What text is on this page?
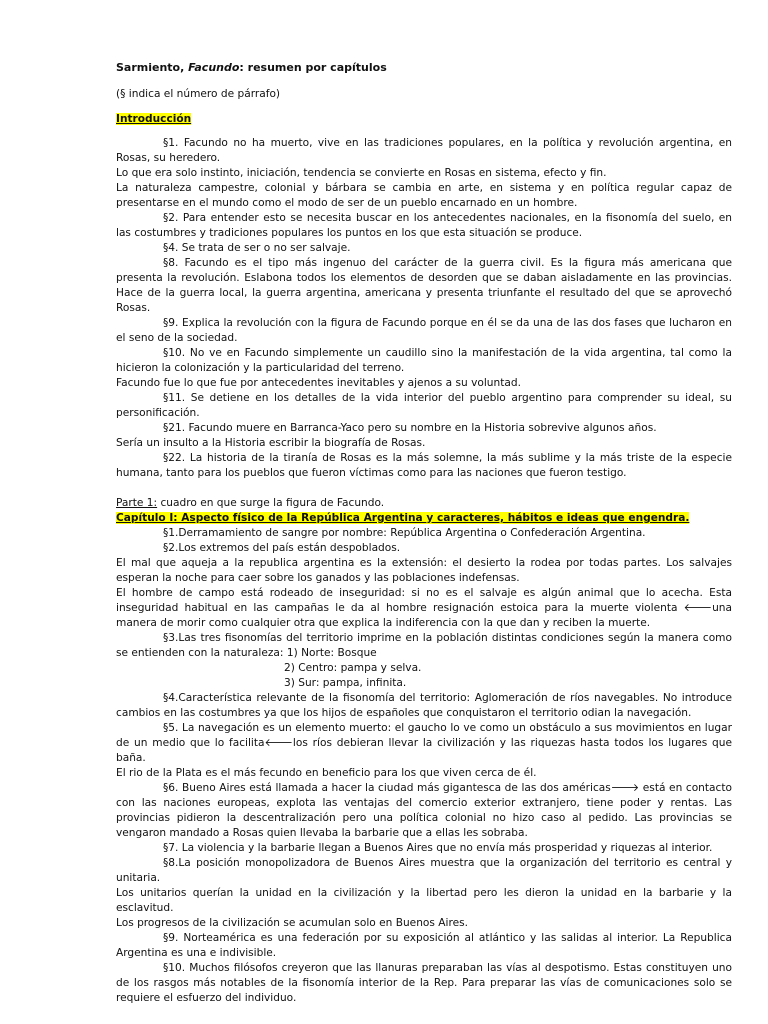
Sarmiento, Facundo: resumen por capítulos
(§ indica el número de párrafo)
Introducción

§1. Facundo no ha muerto, vive en las tradiciones populares, en la política y revolución argentina, en Rosas, su heredero.

Lo que era solo instinto, iniciación, tendencia se convierte en Rosas en sistema, efecto y fin.

La naturaleza campestre, colonial y bárbara se cambia en arte, en sistema y en política regular capaz de presentarse en el mundo como el modo de ser de un pueblo encarnado en un hombre.

§2. Para entender esto se necesita buscar en los antecedentes nacionales, en la fisonomía del suelo, en las costumbres y tradiciones populares los puntos en los que esta situación se produce.

§4. Se trata de ser o no ser salvaje.

§8. Facundo es el tipo más ingenuo del carácter de la guerra civil. Es la figura más americana que presenta la revolución. Eslabona todos los elementos de desorden que se daban aisladamente en las provincias. Hace de la guerra local, la guerra argentina, americana y presenta triunfante el resultado del que se aprovechó Rosas.

§9. Explica la revolución con la figura de Facundo porque en él se da una de las dos fases que lucharon en el seno de la sociedad.

§10. No ve en Facundo simplemente un caudillo sino la manifestación de la vida argentina, tal como la hicieron la colonización y la particularidad del terreno.

Facundo fue lo que fue por antecedentes inevitables y ajenos a su voluntad.

§11. Se detiene en los detalles de la vida interior del pueblo argentino para comprender su ideal, su personificación.

§21. Facundo muere en Barranca-Yaco pero su nombre en la Historia sobrevive algunos años.

Sería un insulto a la Historia escribir la biografía de Rosas.

§22. La historia de la tiranía de Rosas es la más solemne, la más sublime y la más triste de la especie humana, tanto para los pueblos que fueron víctimas como para las naciones que fueron testigo.

Parte 1: cuadro en que surge la figura de Facundo.
Capítulo I: Aspecto físico de la República Argentina y caracteres, hábitos e ideas que engendra.

§1.Derramamiento de sangre por nombre: República Argentina o Confederación Argentina.

§2.Los extremos del país están despoblados.

El mal que aqueja a la republica argentina es la extensión: el desierto la rodea por todas partes. Los salvajes esperan la noche para caer sobre los ganados y las poblaciones indefensas.

El hombre de campo está rodeado de inseguridad: si no es el salvaje es algún animal que lo acecha. Esta inseguridad habitual en las campañas le da al hombre resignación estoica para la muerte violenta 🡐una manera de morir como cualquier otra que explica la indiferencia con la que dan y reciben la muerte.

§3.Las tres fisonomías del territorio imprime en la población distintas condiciones según la manera como se entienden con la naturaleza: 1) Norte: Bosque

2) Centro: pampa y selva.

3) Sur: pampa, infinita.

§4.Característica relevante de la fisonomía del territorio: Aglomeración de ríos navegables. No introduce cambios en las costumbres ya que los hijos de españoles que conquistaron el territorio odian la navegación.

§5. La navegación es un elemento muerto: el gaucho lo ve como un obstáculo a sus movimientos en lugar de un medio que lo facilita🡐los ríos debieran llevar la civilización y las riquezas hasta todos los lugares que baña.

El rio de la Plata es el más fecundo en beneficio para los que viven cerca de él.

§6. Bueno Aires está llamada a hacer la ciudad más gigantesca de las dos américas🡒 está en contacto con las naciones europeas, explota las ventajas del comercio exterior extranjero, tiene poder y rentas. Las provincias pidieron la descentralización pero una política colonial no hizo caso al pedido. Las provincias se vengaron mandado a Rosas quien llevaba la barbarie que a ellas les sobraba.

§7. La violencia y la barbarie llegan a Buenos Aires que no envía más prosperidad y riquezas al interior.

§8.La posición monopolizadora de Buenos Aires muestra que la organización del territorio es central y unitaria.

Los unitarios querían la unidad en la civilización y la libertad pero les dieron la unidad en la barbarie y la esclavitud.

Los progresos de la civilización se acumulan solo en Buenos Aires.

§9. Norteamérica es una federación por su exposición al atlántico y las salidas al interior. La Republica Argentina es una e indivisible.

§10. Muchos filósofos creyeron que las llanuras preparaban las vías al despotismo. Estas constituyen uno de los rasgos más notables de la fisonomía interior de la Rep. Para preparar las vías de comunicaciones solo se requiere el esfuerzo del individuo.
